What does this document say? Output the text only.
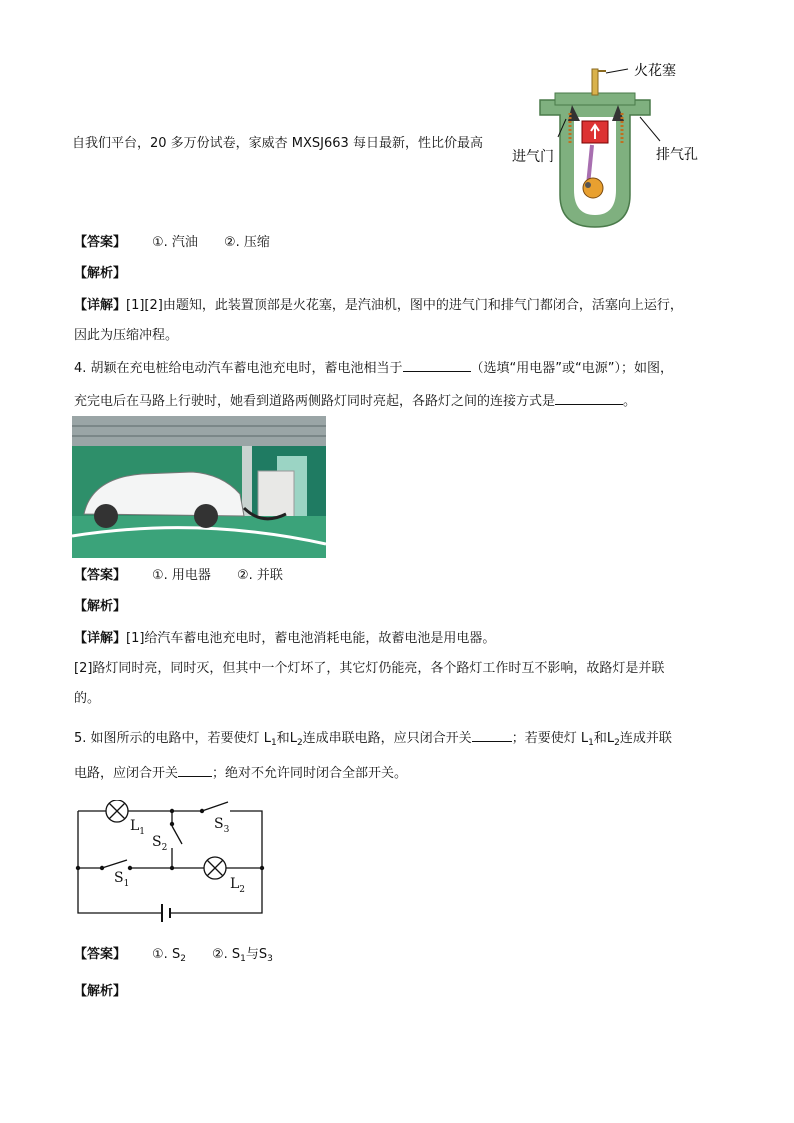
自我们平台，20 多万份试卷，家威杏 MXSJ663 每日最新，性比价最高
火花塞
进气门	排气孔
【答案】 ①. 汽油 ②. 压缩
【解析】
【详解】[1][2]由题知，此装置顶部是火花塞，是汽油机，图中的进气门和排气门都闭合，活塞向上运行，
因此为压缩冲程。
4. 胡颖在充电桩给电动汽车蓄电池充电时，蓄电池相当于	（选填“用电器”或“电源”）；如图，
充完电后在马路上行驶时，她看到道路两侧路灯同时亮起，各路灯之间的连接方式是	。
【答案】 ①. 用电器 ②. 并联
【解析】
【详解】[1]给汽车蓄电池充电时，蓄电池消耗电能，故蓄电池是用电器。
[2]路灯同时亮，同时灭，但其中一个灯坏了，其它灯仍能亮，各个路灯工作时互不影响，故路灯是并联
的。
5. 如图所示的电路中，若要使灯 $L_1$和$L_2$连成串联电路，应只闭合开关	；若要使灯 $L_1$和$L_2$连成并联
电路，应闭合开关	；绝对不允许同时闭合全部开关。
$L_1$	$S_3$
$S_2$
$S_1$	$L_2$
【答案】 ①. $S_2$ ②. $S_1$与$S_3$
【解析】
